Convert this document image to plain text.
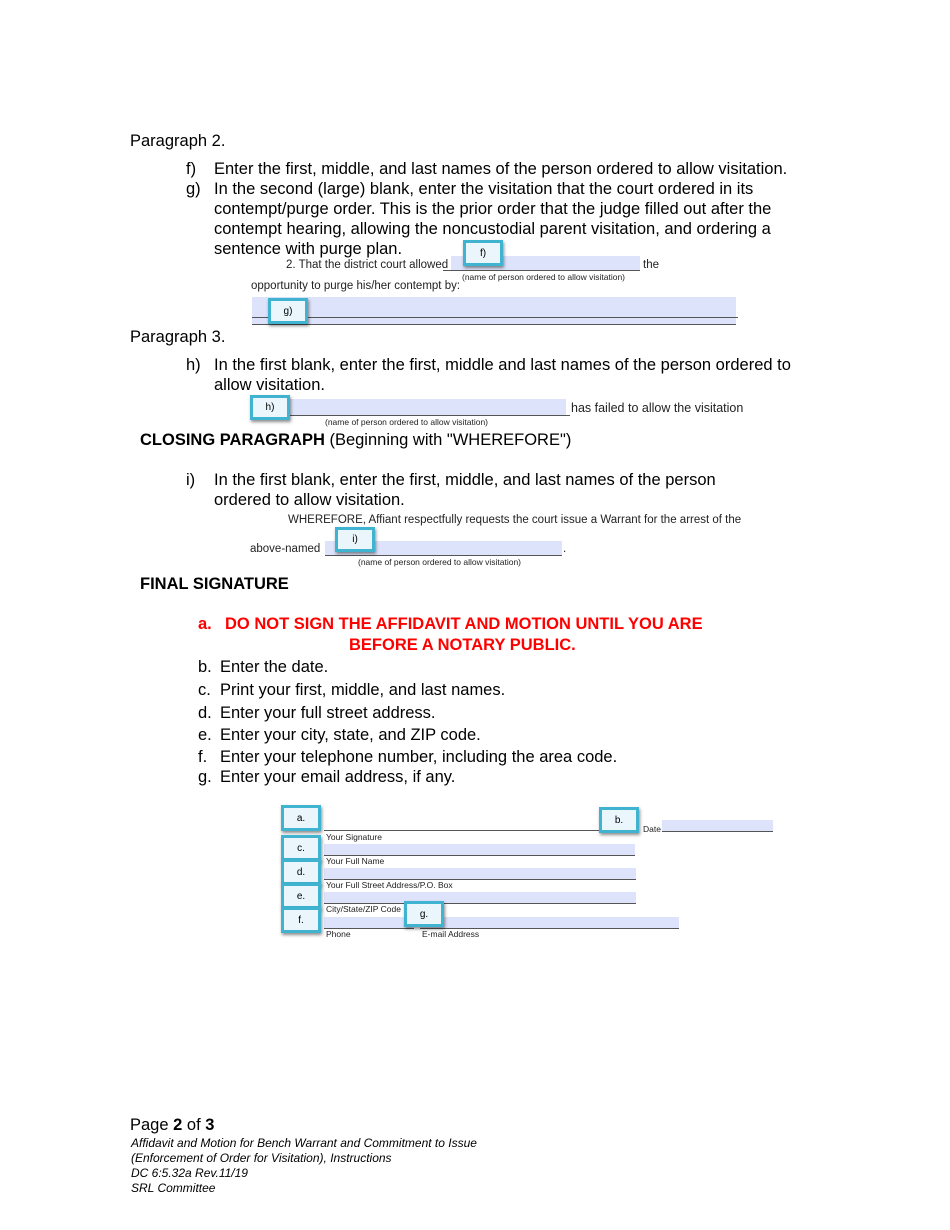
Paragraph 2.
f) Enter the first, middle, and last names of the person ordered to allow visitation.
g) In the second (large) blank, enter the visitation that the court ordered in its
contempt/purge order. This is the prior order that the judge filled out after the
contempt hearing, allowing the noncustodial parent visitation, and ordering a
sentence with purge plan.
2. That the district court allowed	the
(name of person ordered to allow visitation)
opportunity to purge his/her contempt by:
f)
g)
Paragraph 3.
h) In the first blank, enter the first, middle and last names of the person ordered to
allow visitation.
has failed to allow the visitation
(name of person ordered to allow visitation)
h)
CLOSING PARAGRAPH (Beginning with "WHEREFORE")
i) In the first blank, enter the first, middle, and last names of the person
ordered to allow visitation.
WHEREFORE, Affiant respectfully requests the court issue a Warrant for the arrest of the
above-named	.
(name of person ordered to allow visitation)
i)
FINAL SIGNATURE
a. DO NOT SIGN THE AFFIDAVIT AND MOTION UNTIL YOU ARE
BEFORE A NOTARY PUBLIC.
b. Enter the date.
c. Print your first, middle, and last names.
d. Enter your full street address.
e. Enter your city, state, and ZIP code.
f. Enter your telephone number, including the area code.
g. Enter your email address, if any.
Your Signature
Date
Your Full Name
Your Full Street Address/P.O. Box
City/State/ZIP Code
Phone	E-mail Address
a.	b.
c.
d.
e.
f.
g.
Page 2 of 3
Affidavit and Motion for Bench Warrant and Commitment to Issue
(Enforcement of Order for Visitation), Instructions
DC 6:5.32a Rev.11/19
SRL Committee
